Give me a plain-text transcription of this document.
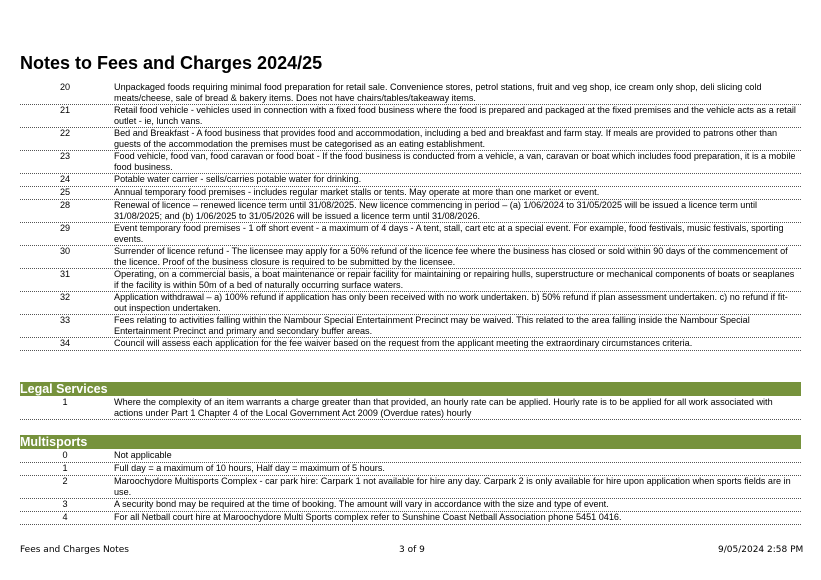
Notes to Fees and Charges 2024/25
20	Unpackaged foods requiring minimal food preparation for retail sale. Convenience stores, petrol stations, fruit and veg shop, ice cream only shop, deli slicing cold meats/cheese, sale of bread & bakery items. Does not have chairs/tables/takeaway items.
21	Retail food vehicle - vehicles used in connection with a fixed food business where the food is prepared and packaged at the fixed premises and the vehicle acts as a retail outlet - ie, lunch vans.
22	Bed and Breakfast - A food business that provides food and accommodation, including a bed and breakfast and farm stay. If meals are provided to patrons other than guests of the accommodation the premises must be categorised as an eating establishment.
23	Food vehicle, food van, food caravan or food boat - If the food business is conducted from a vehicle, a van, caravan or boat which includes food preparation, it is a mobile food business.
24	Potable water carrier - sells/carries potable water for drinking.
25	Annual temporary food premises - includes regular market stalls or tents. May operate at more than one market or event.
28	Renewal of licence – renewed licence term until 31/08/2025. New licence commencing in period – (a) 1/06/2024 to 31/05/2025 will be issued a licence term until 31/08/2025; and (b) 1/06/2025 to 31/05/2026 will be issued a licence term until 31/08/2026.
29	Event temporary food premises - 1 off short event - a maximum of 4 days - A tent, stall, cart etc at a special event. For example, food festivals, music festivals, sporting events.
30	Surrender of licence refund - The licensee may apply for a 50% refund of the licence fee where the business has closed or sold within 90 days of the commencement of the licence. Proof of the business closure is required to be submitted by the licensee.
31	Operating, on a commercial basis, a boat maintenance or repair facility for maintaining or repairing hulls, superstructure or mechanical components of boats or seaplanes if the facility is within 50m of a bed of naturally occurring surface waters.
32	Application withdrawal – a) 100% refund if application has only been received with no work undertaken. b) 50% refund if plan assessment undertaken. c) no refund if fit-out inspection undertaken.
33	Fees relating to activities falling within the Nambour Special Entertainment Precinct may be waived. This related to the area falling inside the Nambour Special Entertainment Precinct and primary and secondary buffer areas.
34	Council will assess each application for the fee waiver based on the request from the applicant meeting the extraordinary circumstances criteria.
Legal Services
1	Where the complexity of an item warrants a charge greater than that provided, an hourly rate can be applied. Hourly rate is to be applied for all work associated with actions under Part 1 Chapter 4 of the Local Government Act 2009 (Overdue rates) hourly
Multisports
0	Not applicable
1	Full day = a maximum of 10 hours, Half day = maximum of 5 hours.
2	Maroochydore Multisports Complex - car park hire: Carpark 1 not available for hire any day. Carpark 2 is only available for hire upon application when sports fields are in use.
3	A security bond may be required at the time of booking. The amount will vary in accordance with the size and type of event.
4	For all Netball court hire at Maroochydore Multi Sports complex refer to Sunshine Coast Netball Association phone 5451 0416.
Fees and Charges Notes	3 of 9	9/05/2024 2:58 PM
